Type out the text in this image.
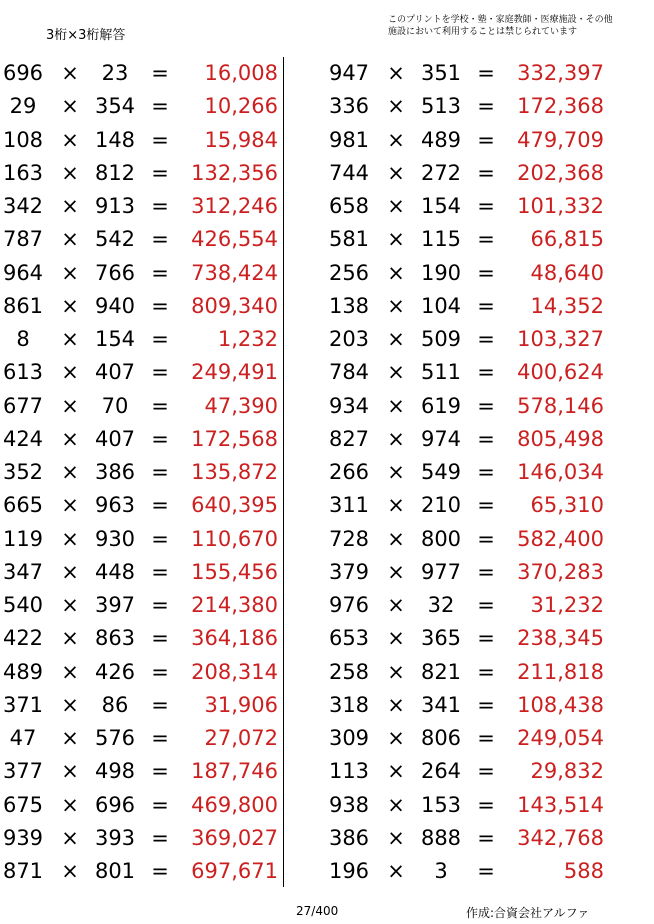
3桁×3桁解答
このプリントを学校・塾・家庭教師・医療施設・その他
施設において利用することは禁じられています
696 ×	23	=	16,008
29	× 354 =	10,266
108 × 148 =	15,984
163 × 812 =	132,356
342 × 913 =	312,246
787 × 542 =	426,554
964 × 766 =	738,424
861 × 940 =	809,340
8	× 154 =	1,232
613 × 407 =	249,491
677 ×	70	=	47,390
424 × 407 =	172,568
352 × 386 =	135,872
665 × 963 =	640,395
119 × 930 =	110,670
347 × 448 =	155,456
540 × 397 =	214,380
422 × 863 =	364,186
489 × 426 =	208,314
371 ×	86	=	31,906
47	× 576 =	27,072
377 × 498 =	187,746
675 × 696 =	469,800
939 × 393 =	369,027
871 × 801 =	697,671
947 × 351 =	332,397
336 × 513 =	172,368
981 × 489 =	479,709
744 × 272 =	202,368
658 × 154 =	101,332
581 × 115 =	66,815
256 × 190 =	48,640
138 × 104 =	14,352
203 × 509 =	103,327
784 × 511 =	400,624
934 × 619 =	578,146
827 × 974 =	805,498
266 × 549 =	146,034
311 × 210 =	65,310
728 × 800 =	582,400
379 × 977 =	370,283
976 ×	32	=	31,232
653 × 365 =	238,345
258 × 821 =	211,818
318 × 341 =	108,438
309 × 806 =	249,054
113 × 264 =	29,832
938 × 153 =	143,514
386 × 888 =	342,768
196 ×	3	=	588
27/400	作成:合資会社アルファ
